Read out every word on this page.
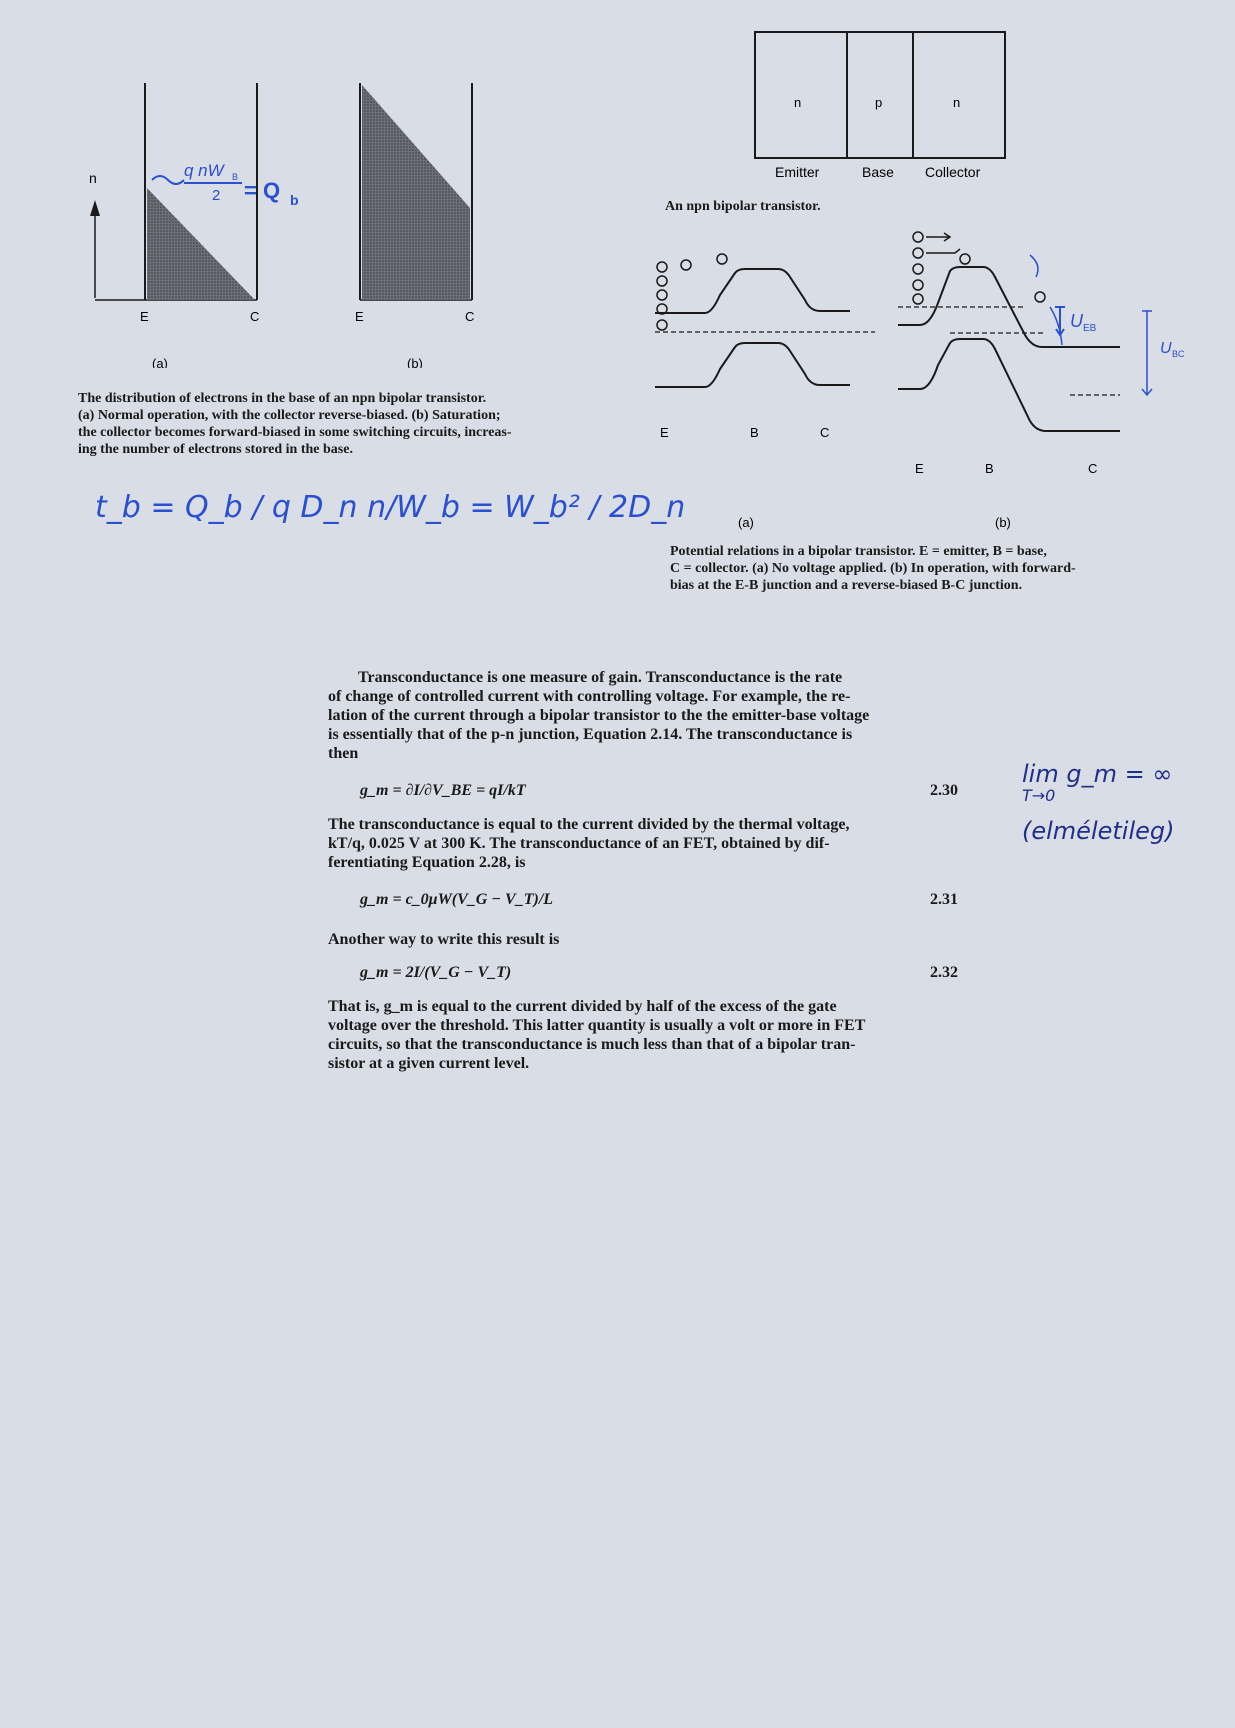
n
E	C	E	C
(a)	(b)
q nW B
2 = Q b
The distribution of electrons in the base of an npn bipolar transistor.
(a) Normal operation, with the collector reverse-biased. (b) Saturation;
the collector becomes forward-biased in some switching circuits, increas-
ing the number of electrons stored in the base.
t_b = Q_b / q D_n n/W_b = W_b² / 2D_n
n	p	n
Emitter	Base Collector
An npn bipolar transistor.
E	B	C
U EB
U BC
E	B	C
(a)	(b)
Potential relations in a bipolar transistor. E = emitter, B = base,
C = collector. (a) No voltage applied. (b) In operation, with forward-
bias at the E-B junction and a reverse-biased B-C junction.
Transconductance is one measure of gain. Transconductance is the rate
of change of controlled current with controlling voltage. For example, the re-
lation of the current through a bipolar transistor to the the emitter-base voltage
is essentially that of the p-n junction, Equation 2.14. The transconductance is
then
g_m = ∂I/∂V_BE = qI/kT	2.30
The transconductance is equal to the current divided by the thermal voltage,
kT/q, 0.025 V at 300 K. The transconductance of an FET, obtained by dif-
ferentiating Equation 2.28, is
g_m = c_0μW(V_G − V_T)/L	2.31
Another way to write this result is
g_m = 2I/(V_G − V_T)	2.32
That is, g_m is equal to the current divided by half of the excess of the gate
voltage over the threshold. This latter quantity is usually a volt or more in FET
circuits, so that the transconductance is much less than that of a bipolar tran-
sistor at a given current level.
lim g_m = ∞
T→0
(elméletileg)
